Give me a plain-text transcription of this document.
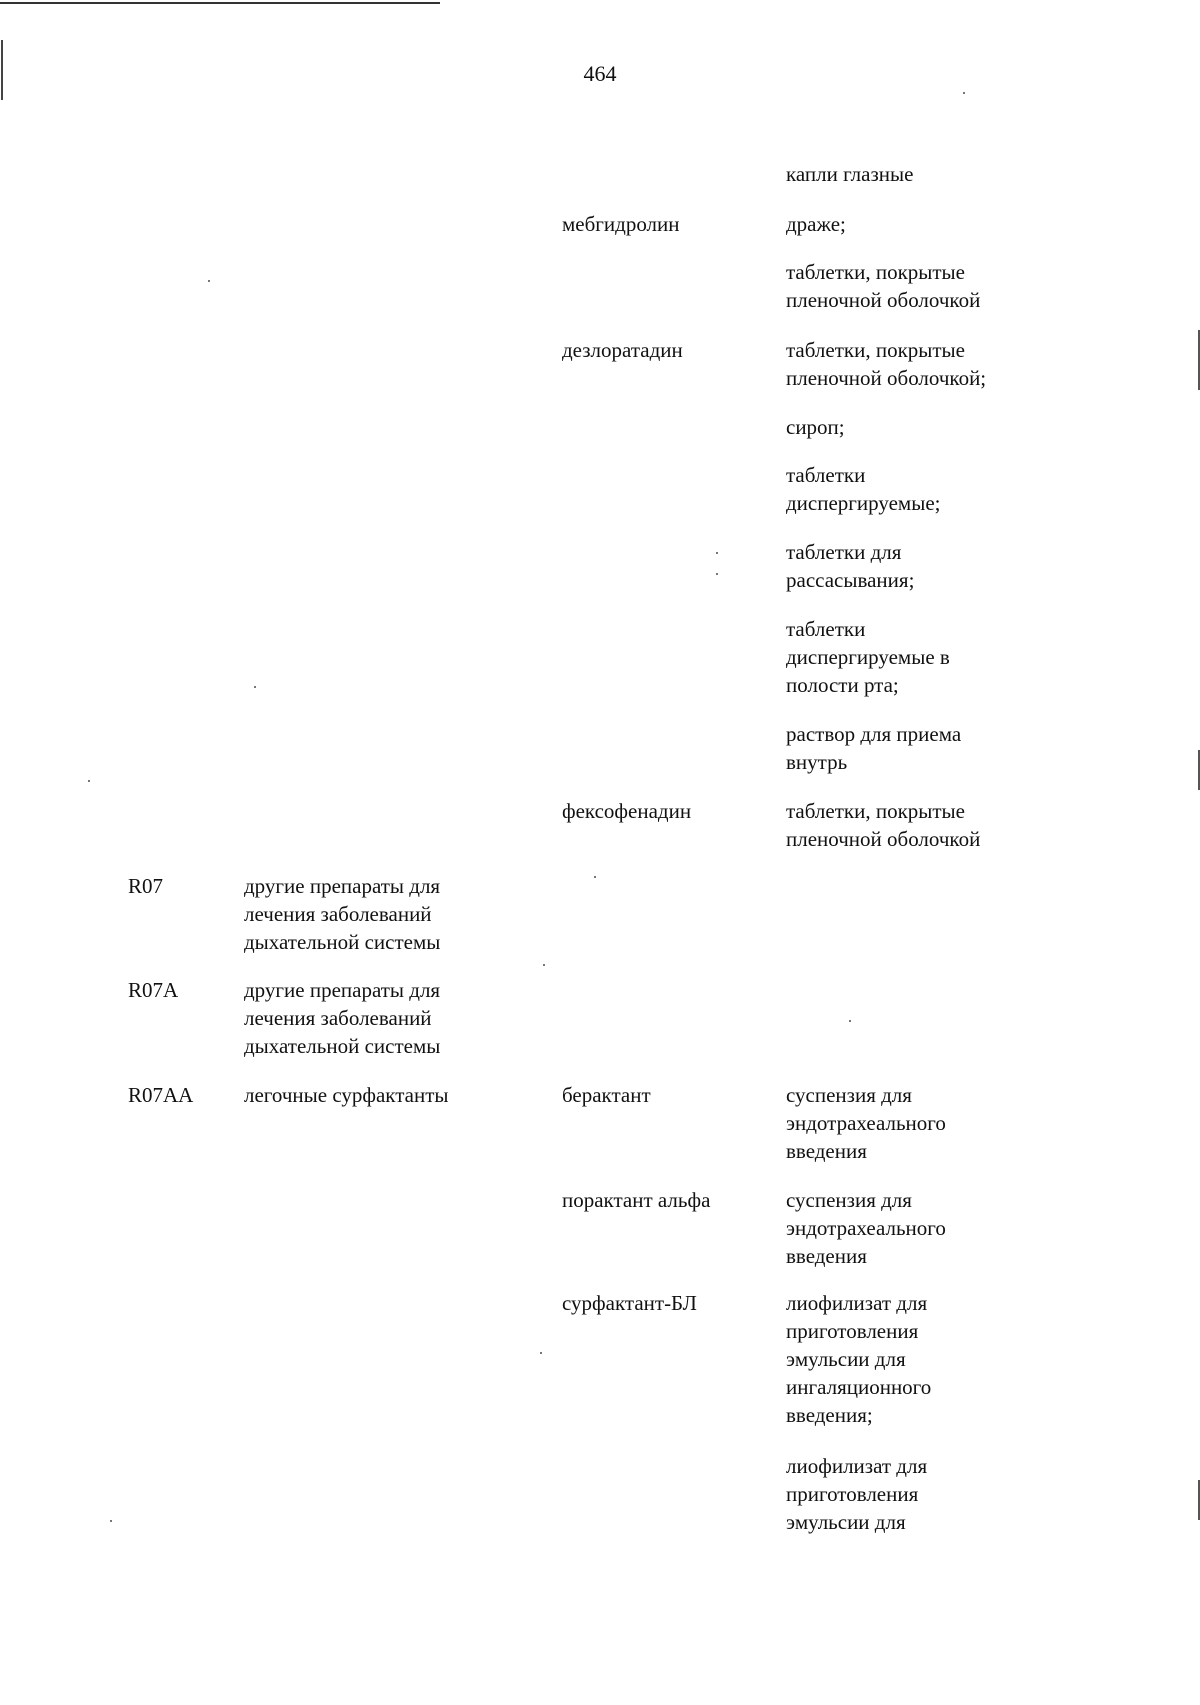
464
капли глазные
мебгидролин	драже;
таблетки, покрытые
пленочной оболочкой
дезлоратадин	таблетки, покрытые
пленочной оболочкой;
сироп;
таблетки
диспергируемые;
таблетки для
рассасывания;
таблетки
диспергируемые в
полости рта;
раствор для приема
внутрь
фексофенадин	таблетки, покрытые
пленочной оболочкой
R07	другие препараты для
лечения заболеваний
дыхательной системы
R07A	другие препараты для
лечения заболеваний
дыхательной системы
R07AA легочные сурфактанты	берактант	суспензия для
эндотрахеального
введения
порактант альфа	суспензия для
эндотрахеального
введения
сурфактант-БЛ	лиофилизат для
приготовления
эмульсии для
ингаляционного
введения;
лиофилизат для
приготовления
эмульсии для
